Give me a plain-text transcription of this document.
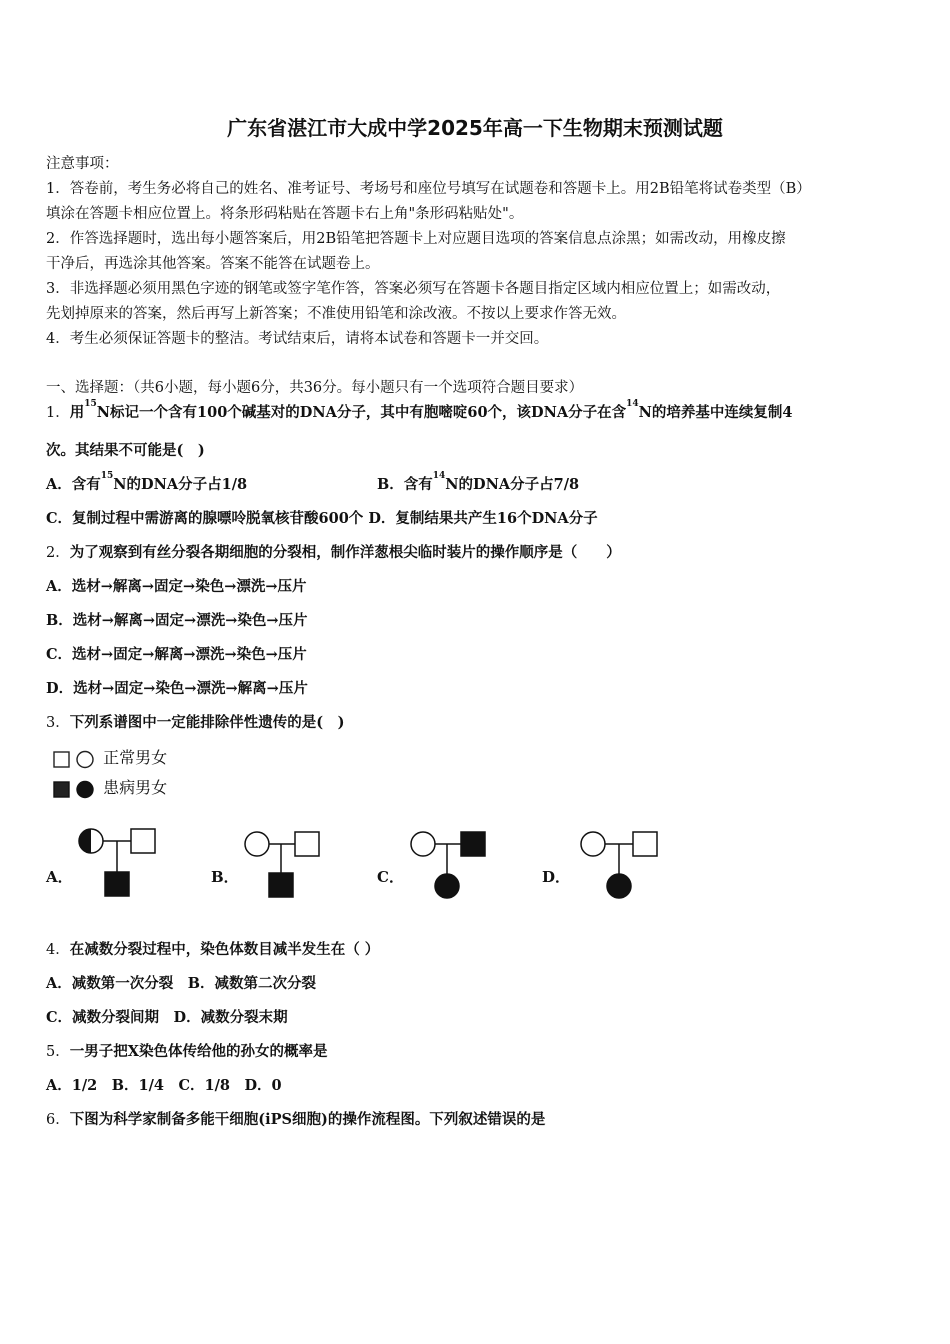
广东省湛江市大成中学2025年高一下生物期末预测试题
注意事项：
1．答卷前，考生务必将自己的姓名、准考证号、考场号和座位号填写在试题卷和答题卡上。用2B铅笔将试卷类型（B）
填涂在答题卡相应位置上。将条形码粘贴在答题卡右上角"条形码粘贴处"。
2．作答选择题时，选出每小题答案后，用2B铅笔把答题卡上对应题目选项的答案信息点涂黑；如需改动，用橡皮擦
干净后，再选涂其他答案。答案不能答在试题卷上。
3．非选择题必须用黑色字迹的钢笔或签字笔作答，答案必须写在答题卡各题目指定区域内相应位置上；如需改动，
先划掉原来的答案，然后再写上新答案；不准使用铅笔和涂改液。不按以上要求作答无效。
4．考生必须保证答题卡的整洁。考试结束后，请将本试卷和答题卡一并交回。
一、选择题：（共6小题，每小题6分，共36分。每小题只有一个选项符合题目要求）
1．用$^{15}$N标记一个含有100个碱基对的DNA分子，其中有胞嘧啶60个，该DNA分子在含$^{14}$N的培养基中连续复制4
次。其结果不可能是(　)
A．含有$^{15}$N的DNA分子占1/8	B．含有$^{14}$N的DNA分子占7/8
C．复制过程中需游离的腺嘌呤脱氧核苷酸600个 D．复制结果共产生16个DNA分子
2．为了观察到有丝分裂各期细胞的分裂相，制作洋葱根尖临时装片的操作顺序是（　　）
A．选材→解离→固定→染色→漂洗→压片
B．选材→解离→固定→漂洗→染色→压片
C．选材→固定→解离→漂洗→染色→压片
D．选材→固定→染色→漂洗→解离→压片
3．下列系谱图中一定能排除伴性遗传的是(　)
正常男女
患病男女
A．	B．	C．	D．
4．在减数分裂过程中，染色体数目减半发生在（ ）
A．减数第一次分裂　B．减数第二次分裂
C．减数分裂间期　D．减数分裂末期
5．一男子把X染色体传给他的孙女的概率是
A．1/2　B．1/4　C．1/8　D．0
6．下图为科学家制备多能干细胞(iPS细胞)的操作流程图。下列叙述错误的是
